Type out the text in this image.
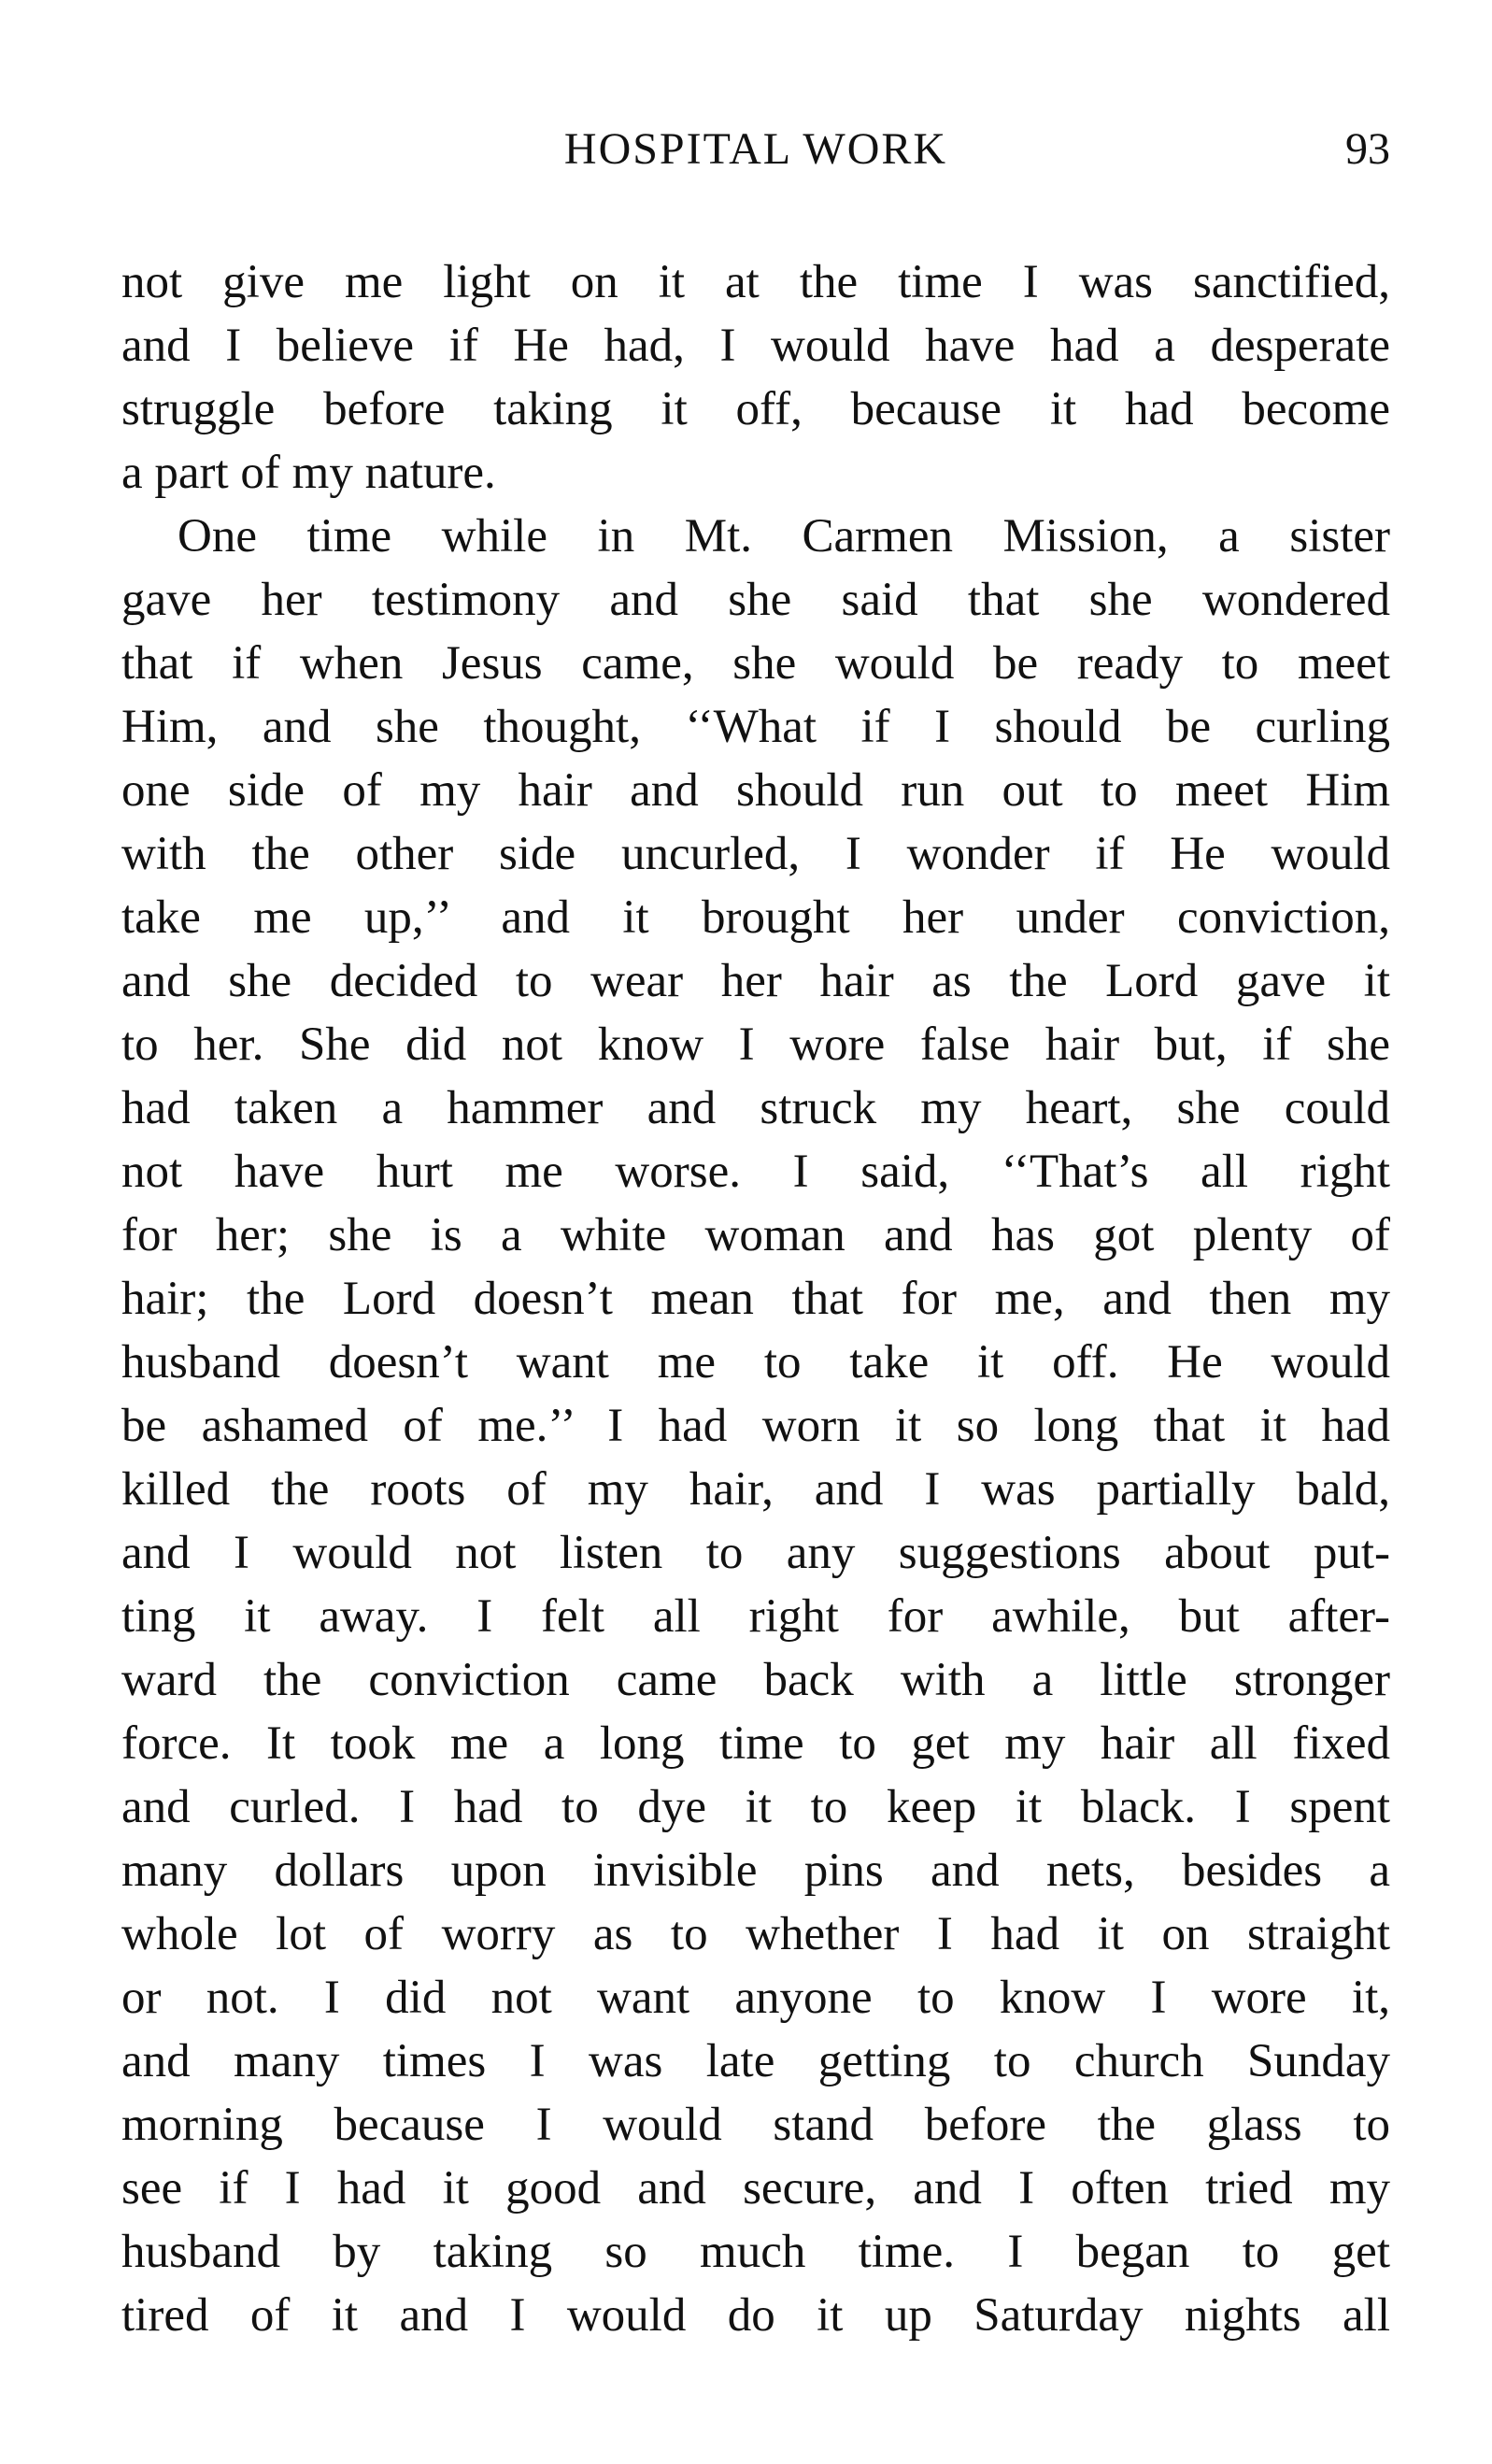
HOSPITAL WORK	93
not give me light on it at the time I was sanctified,
and I believe if He had, I would have had a desperate
struggle before taking it off, because it had become
a part of my nature.
One time while in Mt. Carmen Mission, a sister
gave her testimony and she said that she wondered
that if when Jesus came, she would be ready to meet
Him, and she thought, ‘‘What if I should be curling
one side of my hair and should run out to meet Him
with the other side uncurled, I wonder if He would
take me up,’’ and it brought her under conviction,
and she decided to wear her hair as the Lord gave it
to her. She did not know I wore false hair but, if she
had taken a hammer and struck my heart, she could
not have hurt me worse. I said, ‘‘That’s all right
for her; she is a white woman and has got plenty of
hair; the Lord doesn’t mean that for me, and then my
husband doesn’t want me to take it off. He would
be ashamed of me.’’ I had worn it so long that it had
killed the roots of my hair, and I was partially bald,
and I would not listen to any suggestions about put-
ting it away. I felt all right for awhile, but after-
ward the conviction came back with a little stronger
force. It took me a long time to get my hair all fixed
and curled. I had to dye it to keep it black. I spent
many dollars upon invisible pins and nets, besides a
whole lot of worry as to whether I had it on straight
or not. I did not want anyone to know I wore it,
and many times I was late getting to church Sunday
morning because I would stand before the glass to
see if I had it good and secure, and I often tried my
husband by taking so much time. I began to get
tired of it and I would do it up Saturday nights all
